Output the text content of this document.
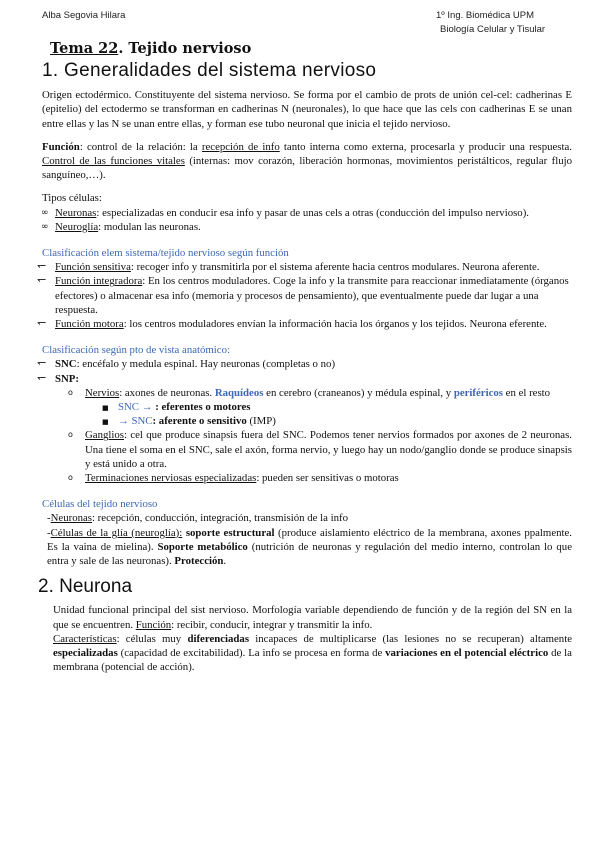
Alba Segovia Hilara	1º Ing. Biomédica UPM
Biología Celular y Tisular
Tema 22. Tejido nervioso
1. Generalidades del sistema nervioso

Origen ectodérmico. Constituyente del sistema nervioso. Se forma por el cambio de prots de unión cel-cel: cadherinas E (epitelio) del ectodermo se transforman en cadherinas N (neuronales), lo que hace que las cels con cadherinas E se unan entre ellas y las N se unan entre ellas, y forman ese tubo neuronal que inicia el tejido nervioso.

Función: control de la relación: la recepción de info tanto interna como externa, procesarla y producir una respuesta. Control de las funciones vitales (internas: mov corazón, liberación hormonas, movimientos peristálticos, regular flujo sanguíneo,…).

Tipos células:

∞ Neuronas: especializadas en conducir esa info y pasar de unas cels a otras (conducción del impulso nervioso).

∞ Neuroglía: modulan las neuronas.

Clasificación elem sistema/tejido nervioso según función

↽ Función sensitiva: recoger info y transmitirla por el sistema aferente hacia centros modulares. Neurona aferente.

↽ Función integradora: En los centros moduladores. Coge la info y la transmite para reaccionar inmediatamente (órganos efectores) o almacenar esa info (memoria y procesos de pensamiento), que eventualmente puede dar lugar a una respuesta.

↽ Función motora: los centros moduladores envían la información hacia los órganos y los tejidos. Neurona eferente.

Clasificación según pto de vista anatómico:

↽ SNC: encéfalo y medula espinal. Hay neuronas (completas o no)

↽ SNP:

o Nervios: axones de neuronas. Raquídeos en cerebro (craneanos) y médula espinal, y periféricos en el resto

■ SNC → : eferentes o motores

■ → SNC: aferente o sensitivo (IMP)

o Ganglios: cel que produce sinapsis fuera del SNC. Podemos tener nervios formados por axones de 2 neuronas. Una tiene el soma en el SNC, sale el axón, forma nervio, y luego hay un nodo/ganglio donde se produce sinapsis y está unido a otra.

o Terminaciones nerviosas especializadas: pueden ser sensitivas o motoras

Células del tejido nervioso

-Neuronas: recepción, conducción, integración, transmisión de la info

-Células de la glía (neuroglía): soporte estructural (produce aislamiento eléctrico de la membrana, axones ppalmente. Es la vaina de mielina). Soporte metabólico (nutrición de neuronas y regulación del medio interno, controlan lo que entra y sale de las neuronas). Protección.

2. Neurona

Unidad funcional principal del sist nervioso. Morfología variable dependiendo de función y de la región del SN en la que se encuentren. Función: recibir, conducir, integrar y transmitir la info.

Características: células muy diferenciadas incapaces de multiplicarse (las lesiones no se recuperan) altamente especializadas (capacidad de excitabilidad). La info se procesa en forma de variaciones en el potencial eléctrico de la membrana (potencial de acción).
